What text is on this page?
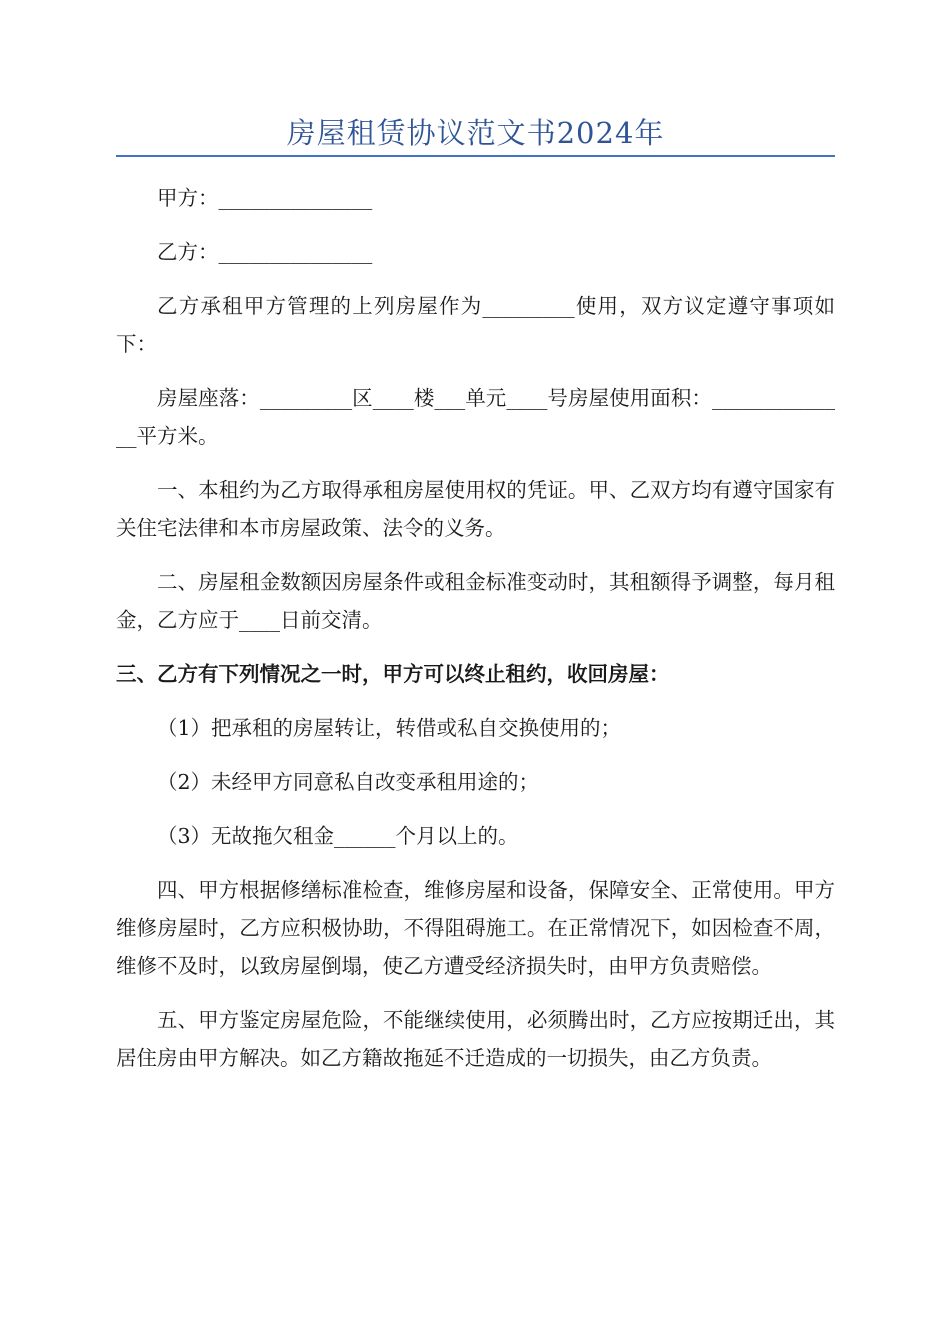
房屋租赁协议范文书2024年

甲方：_______________

乙方：_______________

乙方承租甲方管理的上列房屋作为_________使用，双方议定遵守事项如下：

房屋座落：_________区____楼___单元____号房屋使用面积：______________平方米。

一、本租约为乙方取得承租房屋使用权的凭证。甲、乙双方均有遵守国家有关住宅法律和本市房屋政策、法令的义务。

二、房屋租金数额因房屋条件或租金标准变动时，其租额得予调整，每月租金，乙方应于____日前交清。

三、乙方有下列情况之一时，甲方可以终止租约，收回房屋：

（1）把承租的房屋转让，转借或私自交换使用的；

（2）未经甲方同意私自改变承租用途的；

（3）无故拖欠租金______个月以上的。

四、甲方根据修缮标准检查，维修房屋和设备，保障安全、正常使用。甲方维修房屋时，乙方应积极协助，不得阻碍施工。在正常情况下，如因检查不周，维修不及时，以致房屋倒塌，使乙方遭受经济损失时，由甲方负责赔偿。

五、甲方鉴定房屋危险，不能继续使用，必须腾出时，乙方应按期迁出，其居住房由甲方解决。如乙方籍故拖延不迁造成的一切损失，由乙方负责。
